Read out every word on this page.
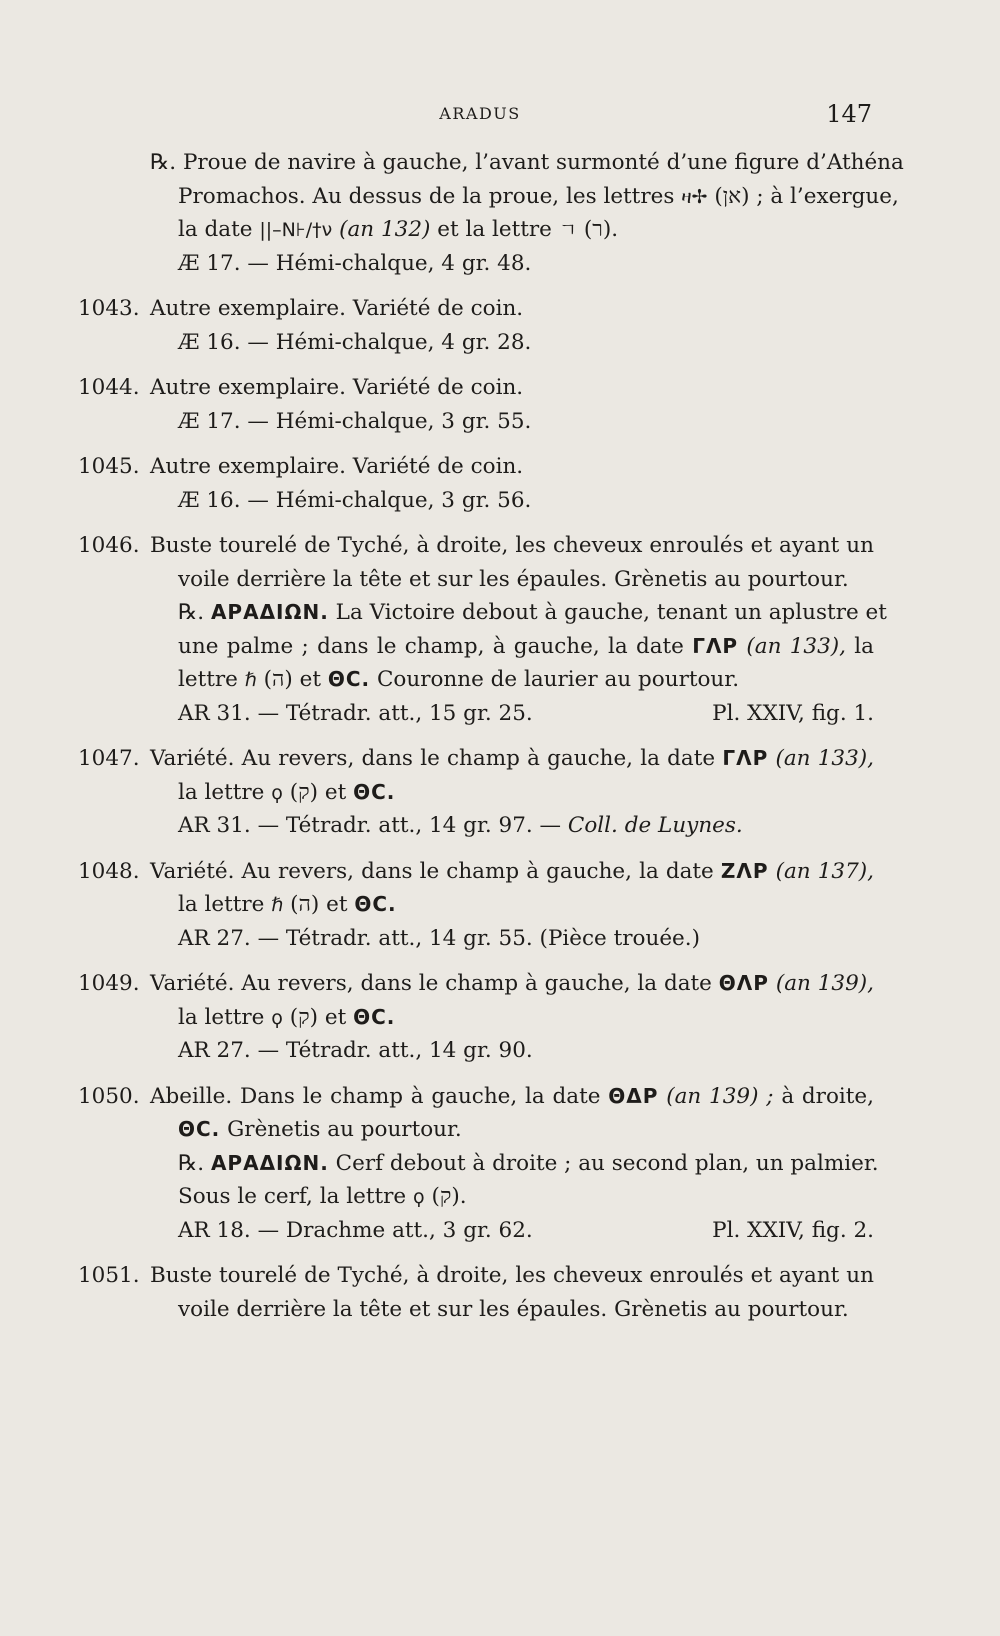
ARADUS	147
℞. Proue de navire à gauche, l’avant surmonté d’une figure d’Athéna
Promachos. Au dessus de la proue, les lettres ዛ✢ (אן) ; à l’exergue,
la date ||–Ν⊦/†ν (an 132) et la lettre ㄱ (ר).
Æ 17. — Hémi-chalque, 4 gr. 48.
1043. Autre exemplaire. Variété de coin.
Æ 16. — Hémi-chalque, 4 gr. 28.
1044. Autre exemplaire. Variété de coin.
Æ 17. — Hémi-chalque, 3 gr. 55.
1045. Autre exemplaire. Variété de coin.
Æ 16. — Hémi-chalque, 3 gr. 56.
1046. Buste tourelé de Tyché, à droite, les cheveux enroulés et ayant un
voile derrière la tête et sur les épaules. Grènetis au pourtour.
℞. ΑΡΑΔΙΩΝ. La Victoire debout à gauche, tenant un aplustre et
une palme ; dans le champ, à gauche, la date ΓΛΡ (an 133), la
lettre ℏ (ה) et ΘC. Couronne de laurier au pourtour.
AR 31. — Tétradr. att., 15 gr. 25.	Pl. XXIV, fig. 1.
1047. Variété. Au revers, dans le champ à gauche, la date ΓΛΡ (an 133),
la lettre ϙ (ק) et ΘC.
AR 31. — Tétradr. att., 14 gr. 97. — Coll. de Luynes.
1048. Variété. Au revers, dans le champ à gauche, la date ΖΛΡ (an 137),
la lettre ℏ (ה) et ΘC.
AR 27. — Tétradr. att., 14 gr. 55. (Pièce trouée.)
1049. Variété. Au revers, dans le champ à gauche, la date ΘΛΡ (an 139),
la lettre ϙ (ק) et ΘC.
AR 27. — Tétradr. att., 14 gr. 90.
1050. Abeille. Dans le champ à gauche, la date ΘΔΡ (an 139) ; à droite,
ΘC. Grènetis au pourtour.
℞. ΑΡΑΔΙΩΝ. Cerf debout à droite ; au second plan, un palmier.
Sous le cerf, la lettre ϙ (ק).
AR 18. — Drachme att., 3 gr. 62.	Pl. XXIV, fig. 2.
1051. Buste tourelé de Tyché, à droite, les cheveux enroulés et ayant un
voile derrière la tête et sur les épaules. Grènetis au pourtour.
